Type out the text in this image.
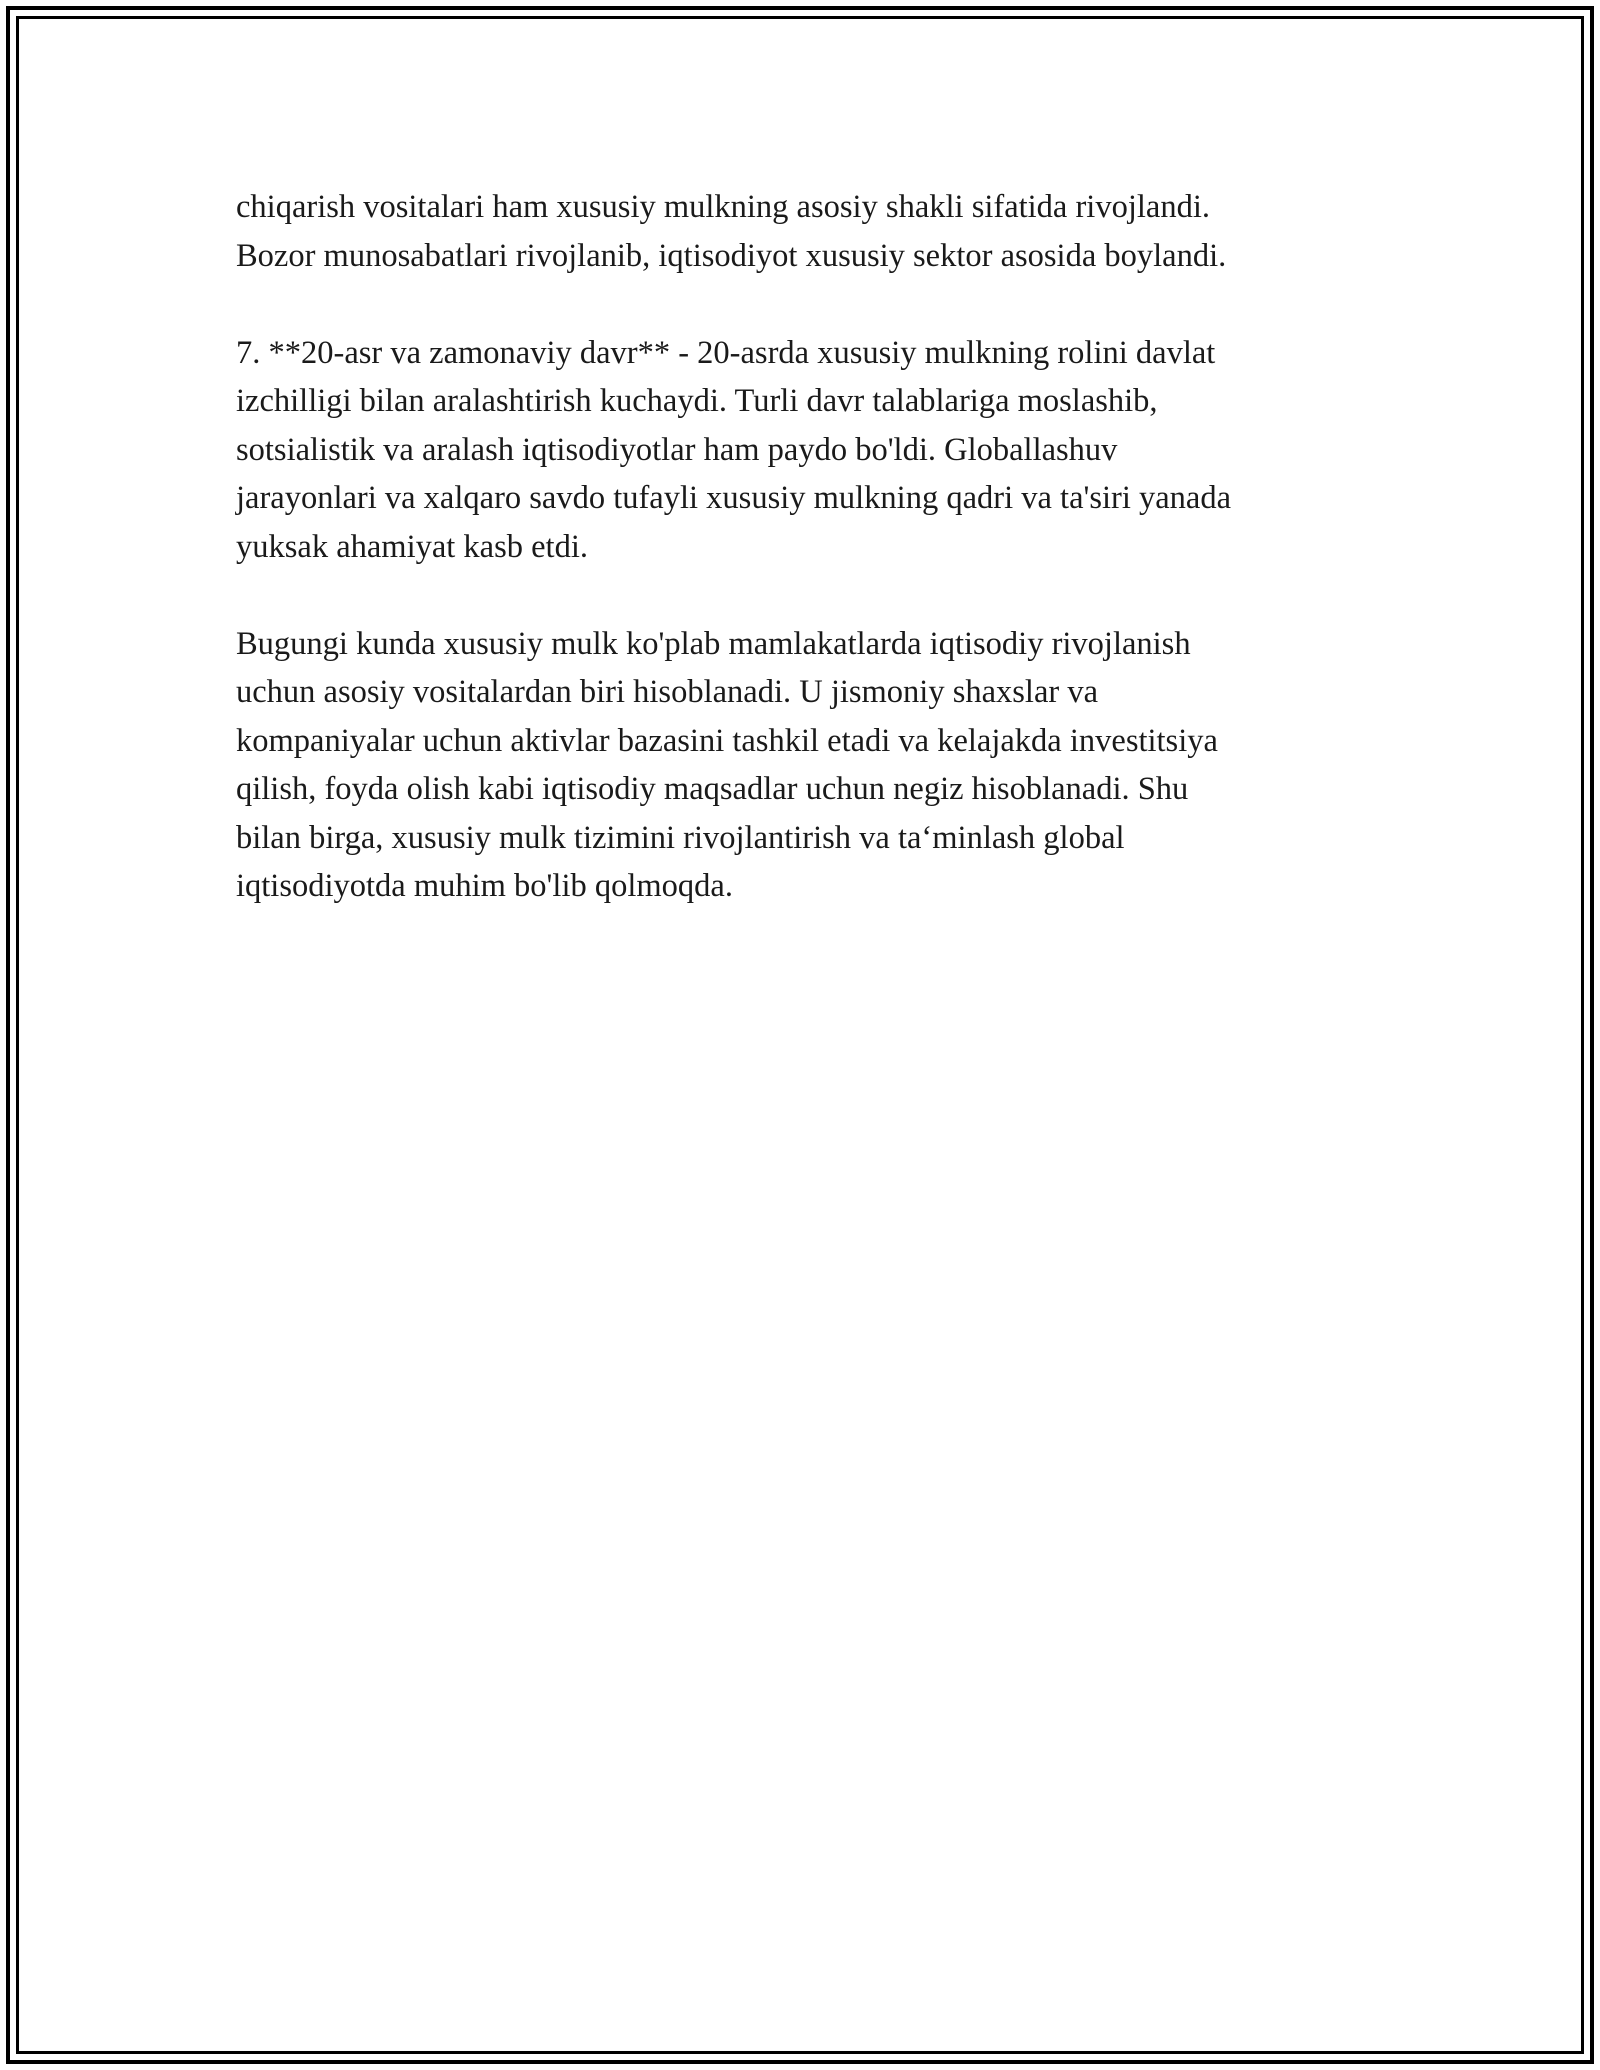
chiqarish vositalari ham xususiy mulkning asosiy shakli sifatida rivojlandi.
Bozor munosabatlari rivojlanib, iqtisodiyot xususiy sektor asosida boylandi.

7. **20-asr va zamonaviy davr** - 20-asrda xususiy mulkning rolini davlat
izchilligi bilan aralashtirish kuchaydi. Turli davr talablariga moslashib,
sotsialistik va aralash iqtisodiyotlar ham paydo bo'ldi. Globallashuv
jarayonlari va xalqaro savdo tufayli xususiy mulkning qadri va ta'siri yanada
yuksak ahamiyat kasb etdi.

Bugungi kunda xususiy mulk ko'plab mamlakatlarda iqtisodiy rivojlanish
uchun asosiy vositalardan biri hisoblanadi. U jismoniy shaxslar va
kompaniyalar uchun aktivlar bazasini tashkil etadi va kelajakda investitsiya
qilish, foyda olish kabi iqtisodiy maqsadlar uchun negiz hisoblanadi. Shu
bilan birga, xususiy mulk tizimini rivojlantirish va ta‘minlash global
iqtisodiyotda muhim bo'lib qolmoqda.
